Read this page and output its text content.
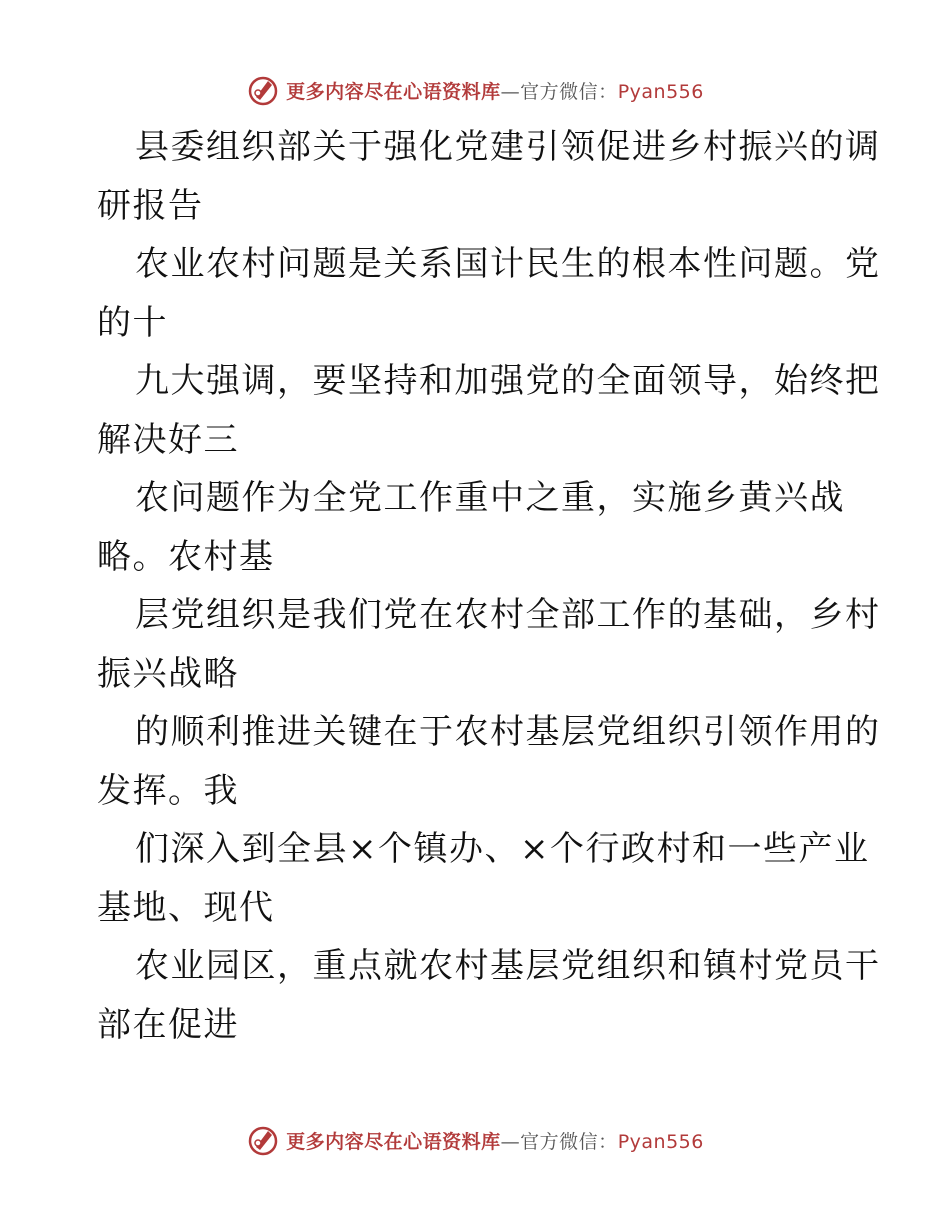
更多内容尽在心语资料库—官方微信：Pyan556
县委组织部关于强化党建引领促进乡村振兴的调
研报告
农业农村问题是关系国计民生的根本性问题。党
的十
九大强调，要坚持和加强党的全面领导，始终把
解决好三
农问题作为全党工作重中之重，实施乡黄兴战
略。农村基
层党组织是我们党在农村全部工作的基础，乡村
振兴战略
的顺利推进关键在于农村基层党组织引领作用的
发挥。我
们深入到全县×个镇办、×个行政村和一些产业
基地、现代
农业园区，重点就农村基层党组织和镇村党员干
部在促进
更多内容尽在心语资料库—官方微信：Pyan556
